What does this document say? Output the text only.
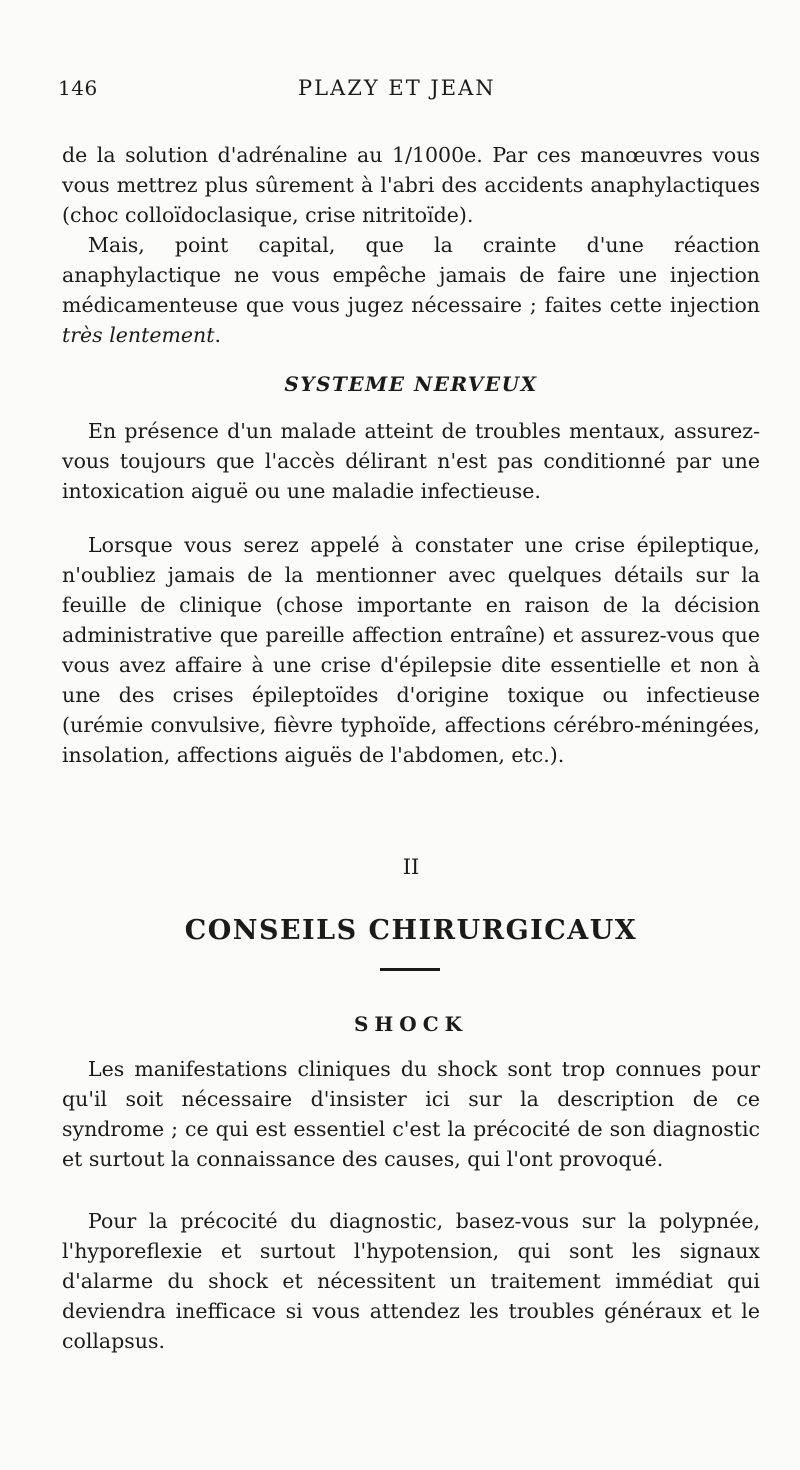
146	PLAZY ET JEAN

de la solution d'adrénaline au 1/1000e. Par ces manœuvres vous vous mettrez plus sûrement à l'abri des accidents anaphylactiques (choc colloïdoclasique, crise nitritoïde).

Mais, point capital, que la crainte d'une réaction anaphylactique ne vous empêche jamais de faire une injection médicamenteuse que vous jugez nécessaire ; faites cette injection très lentement.

SYSTEME NERVEUX

En présence d'un malade atteint de troubles mentaux, assurez-vous toujours que l'accès délirant n'est pas conditionné par une intoxication aiguë ou une maladie infectieuse.

Lorsque vous serez appelé à constater une crise épileptique, n'oubliez jamais de la mentionner avec quelques détails sur la feuille de clinique (chose importante en raison de la décision administrative que pareille affection entraîne) et assurez-vous que vous avez affaire à une crise d'épilepsie dite essentielle et non à une des crises épileptoïdes d'origine toxique ou infectieuse (urémie convulsive, fièvre typhoïde, affections cérébro-méningées, insolation, affections aiguës de l'abdomen, etc.).

II
CONSEILS CHIRURGICAUX
SHOCK

Les manifestations cliniques du shock sont trop connues pour qu'il soit nécessaire d'insister ici sur la description de ce syndrome ; ce qui est essentiel c'est la précocité de son diagnostic et surtout la connaissance des causes, qui l'ont provoqué.

Pour la précocité du diagnostic, basez-vous sur la polypnée, l'hyporeflexie et surtout l'hypotension, qui sont les signaux d'alarme du shock et nécessitent un traitement immédiat qui deviendra inefficace si vous attendez les troubles généraux et le collapsus.
